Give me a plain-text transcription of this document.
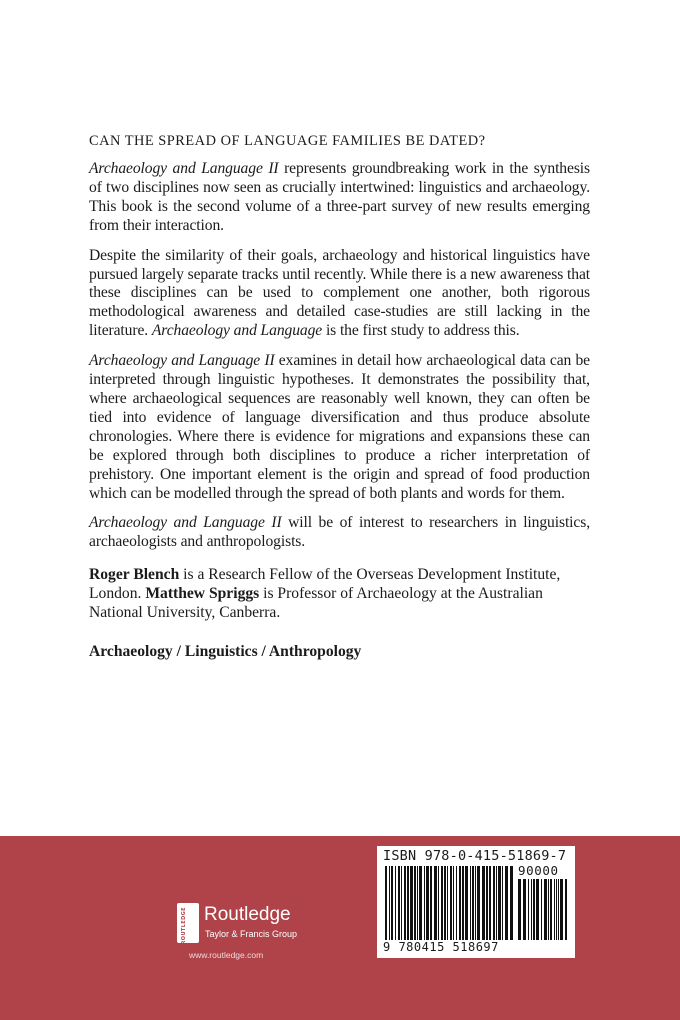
CAN THE SPREAD OF LANGUAGE FAMILIES BE DATED?

Archaeology and Language II represents groundbreaking work in the synthesis of two disciplines now seen as crucially intertwined: linguistics and archaeology. This book is the second volume of a three-part survey of new results emerging from their interaction.

Despite the similarity of their goals, archaeology and historical linguistics have pursued largely separate tracks until recently. While there is a new awareness that these disciplines can be used to complement one another, both rigorous methodological awareness and detailed case-studies are still lacking in the literature. Archaeology and Language is the first study to address this.

Archaeology and Language II examines in detail how archaeological data can be interpreted through linguistic hypotheses. It demonstrates the possibility that, where archaeological sequences are reasonably well known, they can often be tied into evidence of language diversification and thus produce absolute chronologies. Where there is evidence for migrations and expansions these can be explored through both disciplines to produce a richer interpretation of prehistory. One important element is the origin and spread of food production which can be modelled through the spread of both plants and words for them.

Archaeology and Language II will be of interest to researchers in linguistics, archaeologists and anthropologists.

Roger Blench is a Research Fellow of the Overseas Development Institute, London. Matthew Spriggs is Professor of Archaeology at the Australian National University, Canberra.

Archaeology / Linguistics / Anthropology

ROUTLEDGE Routledge
Taylor & Francis Group
www.routledge.com
ISBN 978-0-415-51869-7
90000
9 780415 518697
